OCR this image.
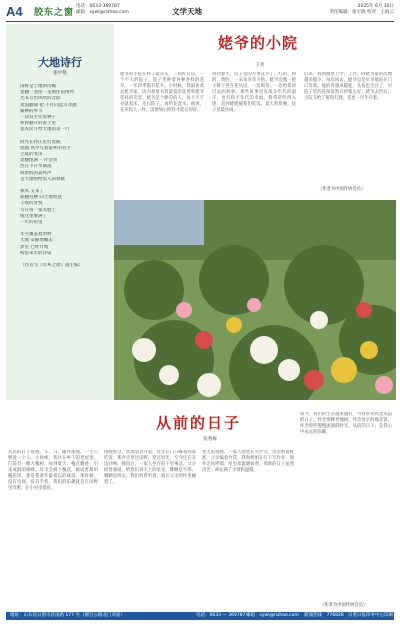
A4 胶东之窗
电话：0633-369787
邮箱：sywl@rizhao.com	文学天地
2025年 6月 30日
责任编辑：张宇晓 校对：王海云
大地诗行
张中艳
田野是土地的诗稿
麦穗一垄接一垄地往前排列
光书写出风吹的音韵
麦浪翻涌 把 不住向远方奔跑
播种的季节
一双双手托着种子
犁铧翻开的泥土里
是农民写给大地的第一行
时光在村庄里打着盹
炊烟 风中写着家乡的名字
立夏的麦田
麦穗饱满 一片金黄
烈日下汗水滴落
收割机的轰鸣声
是大地唱给农人的赞歌
秋风 又来了
稻穗弯腰 向土地致意
丰收的喜悦
写在每一张笑脸上
粮仓里堆满了
一年的希望
冬雪覆盖着原野
大地 安静地睡去
梦里 已经开始
构思来年的诗篇
（作者为《水乡之窗》副主编）
姥爷的小院
王亮
姥爷的小院在村子最东头，三间红瓦房，一个不大的院子。院子里种着各种各样的花草，一年四季都有花开。小时候，我最喜欢去姥爷家，因为那里有我最爱的花香和姥爷慈祥的笑容。姥爷是个勤劳的人，每天天不亮就起床，先扫院子，再给花浇水。他说，花草和人一样，需要细心照料才能长得好。
每到春天，院子里的月季花开了，红的、粉的、黄的，一朵朵争奇斗艳。姥爷会搬一把小椅子坐在花丛边，一边喝茶，一边给我讲过去的故事。那些故事里有战争年代的艰辛，也有和平年代的幸福。我常常听得入迷，直到姥姥喊我们吃饭。夏天的傍晚，院子里最热闹。
后来，我到城里上学、工作，回姥爷家的次数越来越少。每次回去，姥爷总是早早地站在门口等我。他的背越来越驼，头发也全白了，可院子里的花却依然开得那么好。姥爷去世后，小院交给了舅舅打理，花也一年年开着。
（作者为中国作协会员）
从前的日子
张秀梅
从前的日子很慢，车、马、邮件都慢，一生只够爱一个人。小时候，我住在乡下的老屋里，门前有一棵大槐树，每到夏天，槐花飘香，引来成群的蜜蜂。母亲会摘下槐花，做成香甜的槐花饼，那是我童年最难忘的味道。那时候，没有电视，没有手机，我们的乐趣就是在田野里奔跑，在小河里摸鱼。
傍晚时分，炊烟袅袅升起，母亲在门口喊我回家吃饭，那声音穿过田野，穿过时光，至今还在耳边回响。晚饭后，一家人坐在院子里乘凉，父亲摇着蒲扇，给我们讲天上的星星，哪颗是牛郎，哪颗是织女。我们听着听着，就在父亲的怀里睡着了。
冬天的夜晚，一家人围坐在火炉旁，母亲纳着鞋底，父亲编着竹筐，我和姐姐在灯下写作业。窗外北风呼啸，屋里却温暖如春。那时的日子虽然清苦，却充满了亲情和温暖。
如今，我们的生活越来越好，可我常常怀念从前的日子。怀念那棵老槐树，怀念母亲的槐花饼，怀念那些慢慢流淌的时光。从前的日子，是我心中永远的珍藏。
（作者为中国作协会员）
地址：山东省日照市济南路 177 号（烟台公路北门对面）	电话：0633 — 369787 邮箱：sywl@rizhao.com 新闻热线：776828 日照日报印务中心印刷
